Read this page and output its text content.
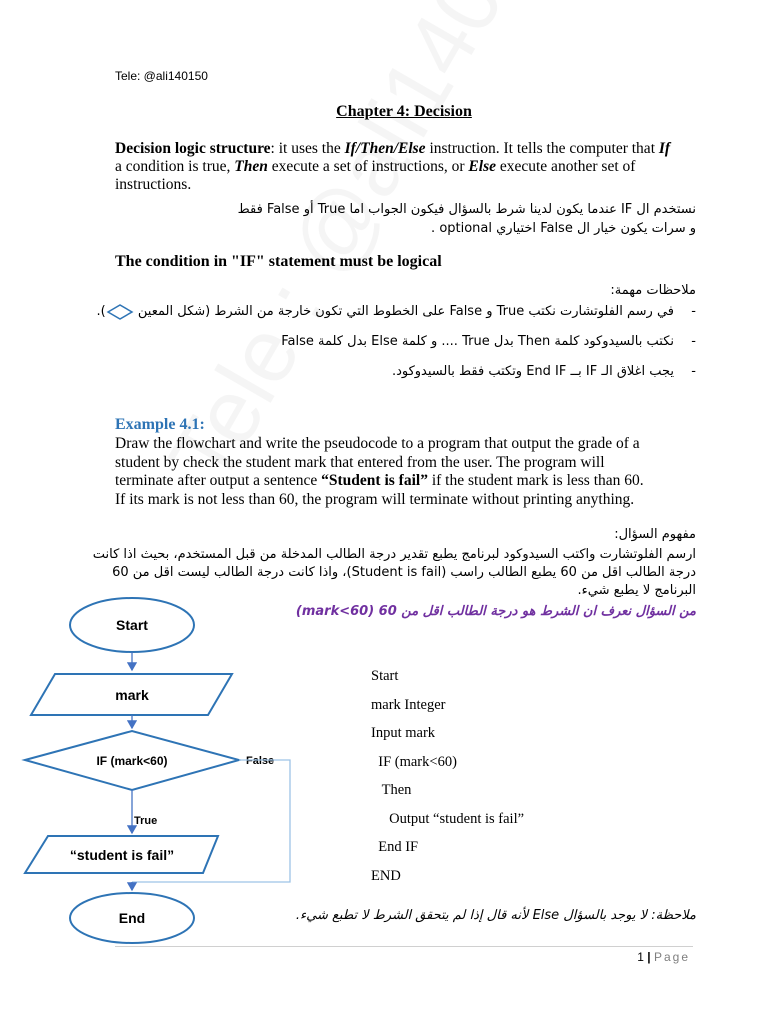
Tele: @ali140150
Chapter 4: Decision
Decision logic structure: it uses the If/Then/Else instruction. It tells the computer that If a condition is true, Then execute a set of instructions, or Else execute another set of instructions.
نستخدم ال IF عندما يكون لدينا شرط بالسؤال فيكون الجواب اما True أو False فقط
و سرات يكون خيار ال False اختياري optional .
The condition in "IF" statement must be logical
ملاحظات مهمة:
- في رسم الفلوتشارت نكتب True و False على الخطوط التي تكون خارجة من الشرط (شكل المعين ).
- نكتب بالسيدوكود كلمة Then بدل True .... و كلمة Else بدل كلمة False
- يجب اغلاق الـ IF بــ End IF وتكتب فقط بالسيدوكود.
Example 4.1:
Draw the flowchart and write the pseudocode to a program that output the grade of a student by check the student mark that entered from the user. The program will terminate after output a sentence “Student is fail” if the student mark is less than 60. If its mark is not less than 60, the program will terminate without printing anything.
مفهوم السؤال:
ارسم الفلوتشارت واكتب السيدوكود لبرنامج يطبع تقدير درجة الطالب المدخلة من قبل المستخدم، بحيث اذا كانت درجة الطالب اقل من 60 يطبع الطالب راسب (Student is fail)، واذا كانت درجة الطالب ليست اقل من 60 البرنامج لا يطبع شيء.
من السؤال نعرف ان الشرط هو درجة الطالب اقل من 60 (mark<60)
Start
mark
IF (mark<60)	False
True
“student is fail”
End
Start
mark Integer
Input mark
IF (mark<60)
Then
Output “student is fail”
End IF
END
ملاحظة: لا يوجد بالسؤال Else لأنه قال إذا لم يتحقق الشرط لا تطبع شيء.
1 | Page
